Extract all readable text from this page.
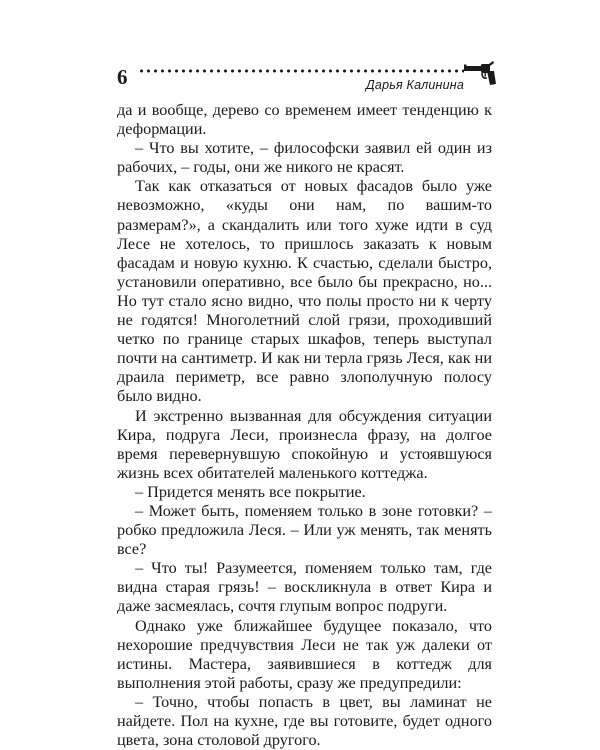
6	Дарья Калинина

да и вообще, дерево со временем имеет тенденцию к деформации.

– Что вы хотите, – философски заявил ей один из рабочих, – годы, они же никого не красят.

Так как отказаться от новых фасадов было уже невозможно, «куды они нам, по вашим-то размерам?», а скандалить или того хуже идти в суд Лесе не хотелось, то пришлось заказать к новым фасадам и новую кухню. К счастью, сделали быстро, установили оперативно, все было бы прекрасно, но... Но тут стало ясно видно, что полы просто ни к черту не годятся! Многолетний слой грязи, проходивший четко по границе старых шкафов, теперь выступал почти на сантиметр. И как ни терла грязь Леся, как ни драила периметр, все равно злополучную полосу было видно.

И экстренно вызванная для обсуждения ситуации Кира, подруга Леси, произнесла фразу, на долгое время перевернувшую спокойную и устоявшуюся жизнь всех обитателей маленького коттеджа.

– Придется менять все покрытие.

– Может быть, поменяем только в зоне готовки? – робко предложила Леся. – Или уж менять, так менять все?

– Что ты! Разумеется, поменяем только там, где видна старая грязь! – воскликнула в ответ Кира и даже засмеялась, сочтя глупым вопрос подруги.

Однако уже ближайшее будущее показало, что нехорошие предчувствия Леси не так уж далеки от истины. Мастера, заявившиеся в коттедж для выполнения этой работы, сразу же предупредили:

– Точно, чтобы попасть в цвет, вы ламинат не найдете. Пол на кухне, где вы готовите, будет одного цвета, зона столовой другого.
